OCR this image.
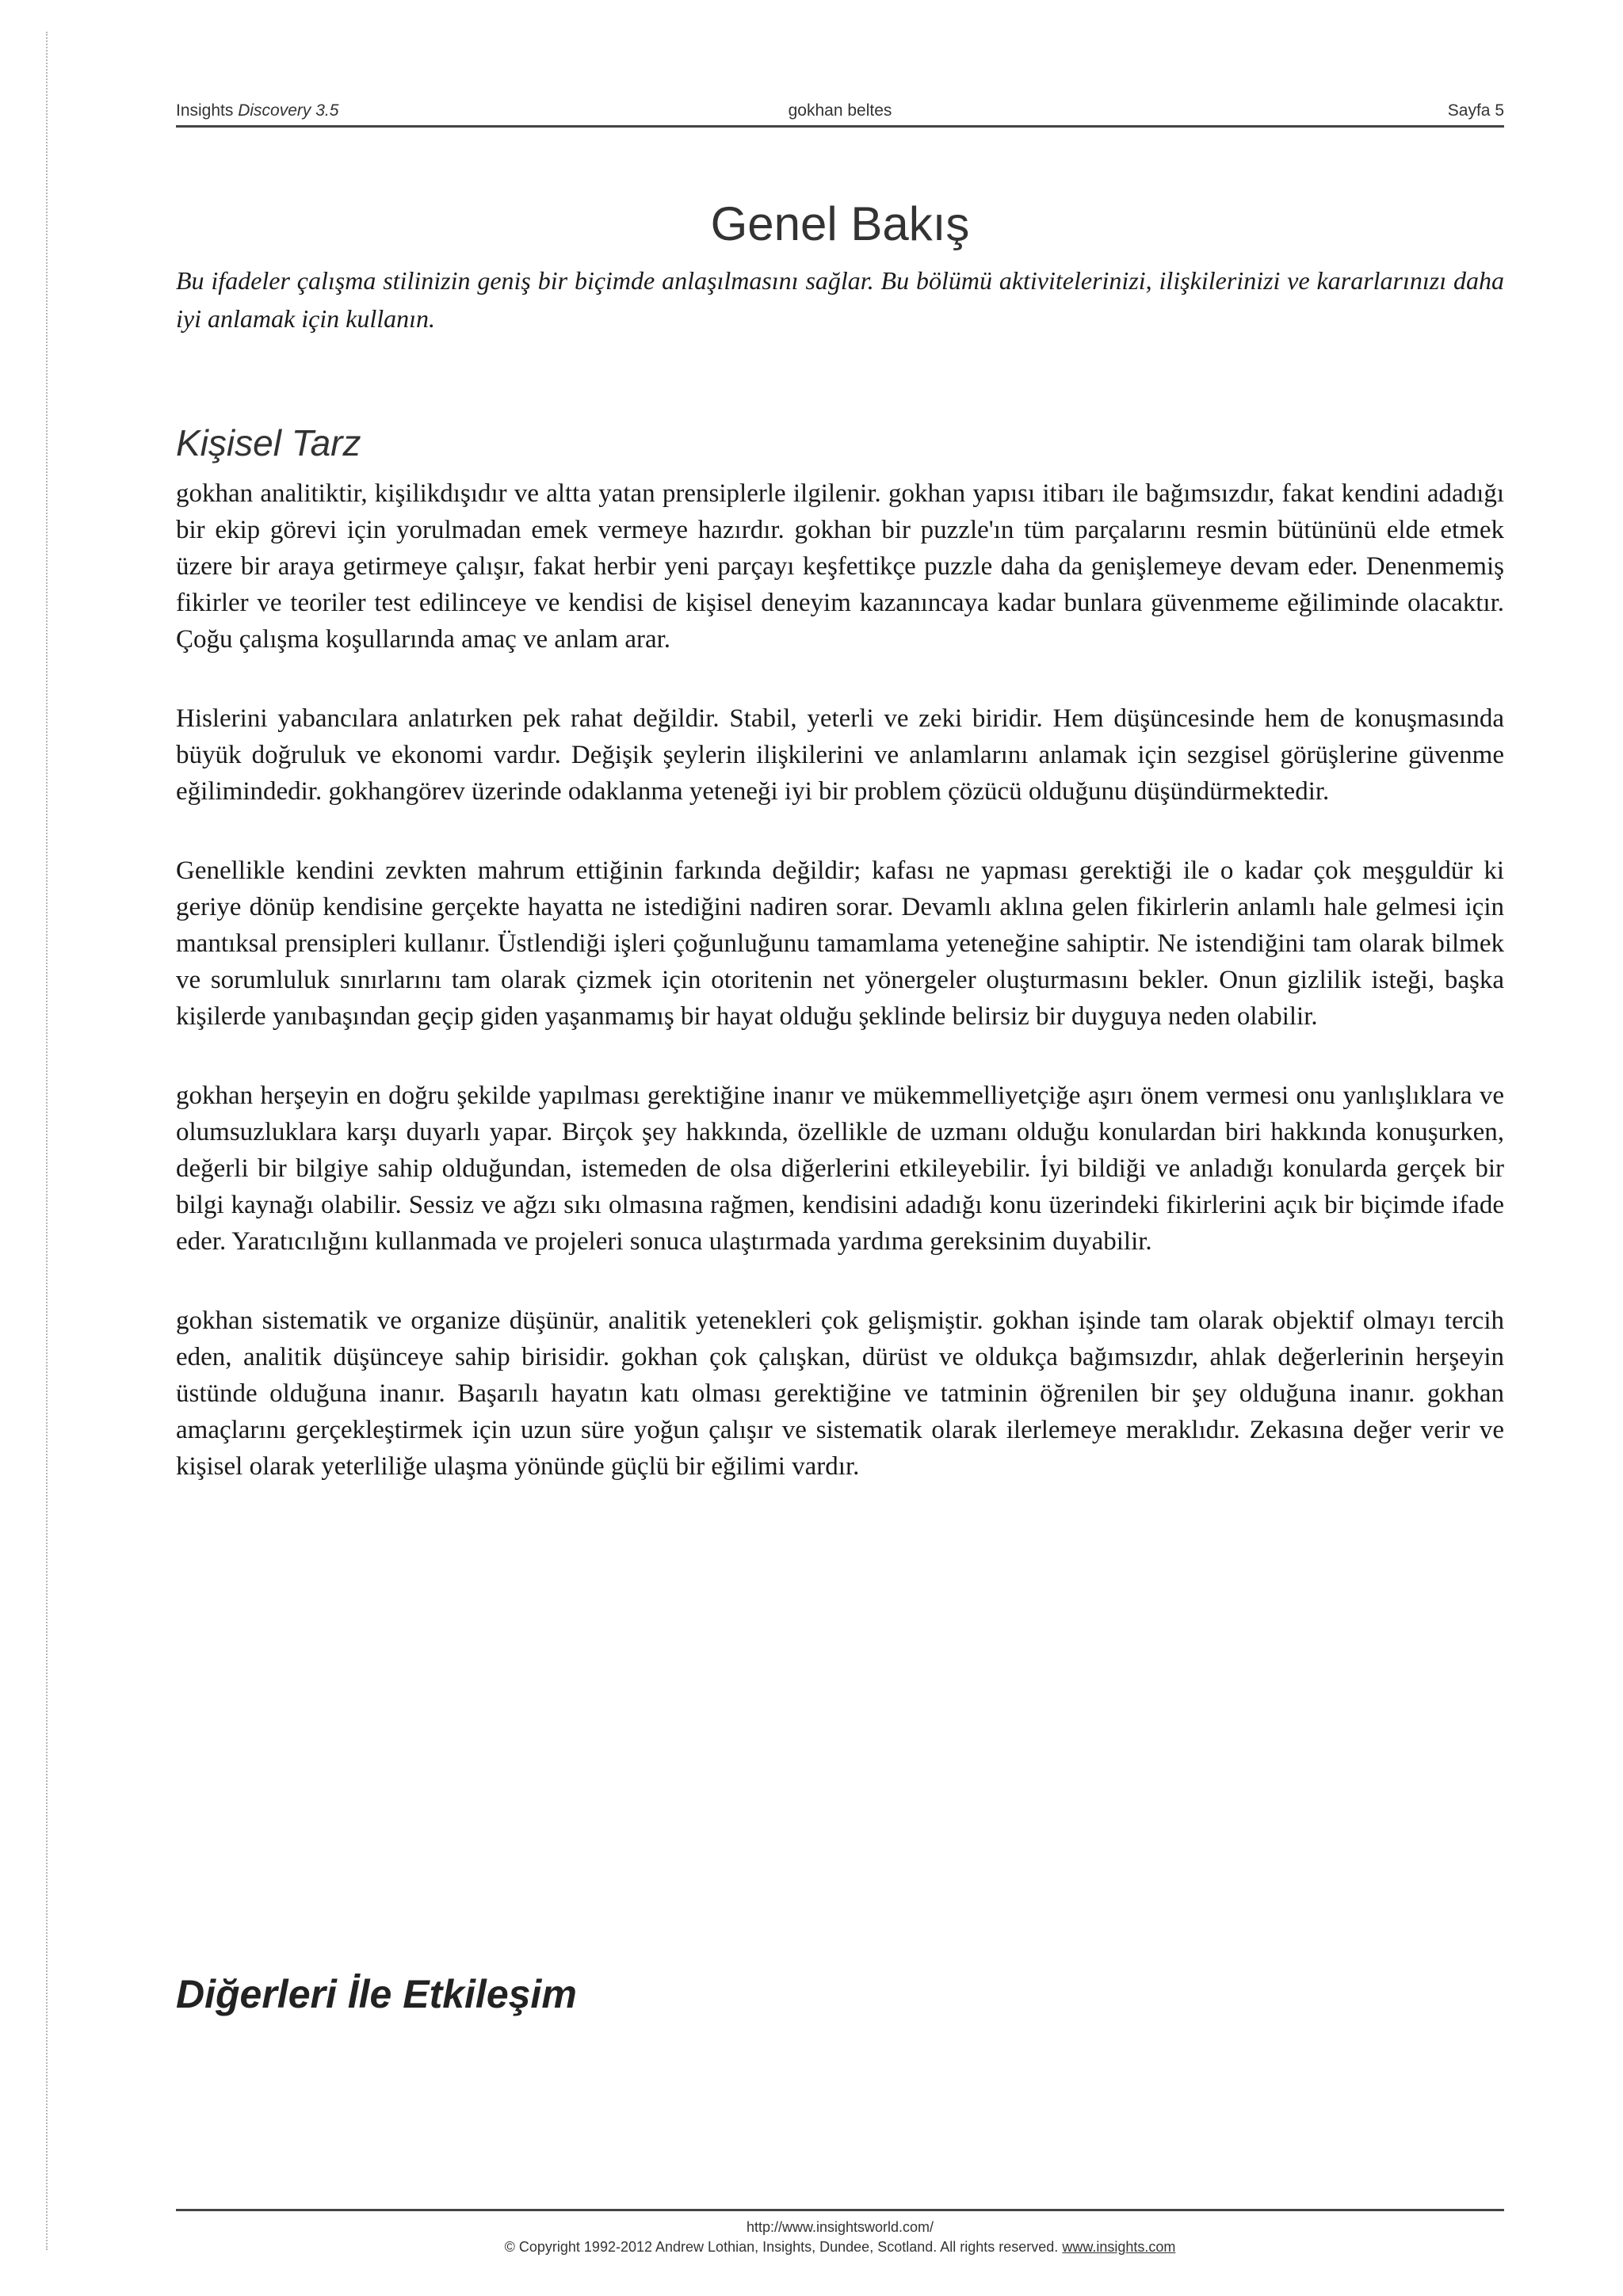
Insights Discovery 3.5	gokhan beltes	Sayfa 5
Genel Bakış

Bu ifadeler çalışma stilinizin geniş bir biçimde anlaşılmasını sağlar. Bu bölümü aktivitelerinizi, ilişkilerinizi ve kararlarınızı daha iyi anlamak için kullanın.

Kişisel Tarz

gokhan analitiktir, kişilikdışıdır ve altta yatan prensiplerle ilgilenir. gokhan yapısı itibarı ile bağımsızdır, fakat kendini adadığı bir ekip görevi için yorulmadan emek vermeye hazırdır. gokhan bir puzzle'ın tüm parçalarını resmin bütününü elde etmek üzere bir araya getirmeye çalışır, fakat herbir yeni parçayı keşfettikçe puzzle daha da genişlemeye devam eder. Denenmemiş fikirler ve teoriler test edilinceye ve kendisi de kişisel deneyim kazanıncaya kadar bunlara güvenmeme eğiliminde olacaktır. Çoğu çalışma koşullarında amaç ve anlam arar.

Hislerini yabancılara anlatırken pek rahat değildir. Stabil, yeterli ve zeki biridir. Hem düşüncesinde hem de konuşmasında büyük doğruluk ve ekonomi vardır. Değişik şeylerin ilişkilerini ve anlamlarını anlamak için sezgisel görüşlerine güvenme eğilimindedir. gokhangörev üzerinde odaklanma yeteneği iyi bir problem çözücü olduğunu düşündürmektedir.

Genellikle kendini zevkten mahrum ettiğinin farkında değildir; kafası ne yapması gerektiği ile o kadar çok meşguldür ki geriye dönüp kendisine gerçekte hayatta ne istediğini nadiren sorar. Devamlı aklına gelen fikirlerin anlamlı hale gelmesi için mantıksal prensipleri kullanır. Üstlendiği işleri çoğunluğunu tamamlama yeteneğine sahiptir. Ne istendiğini tam olarak bilmek ve sorumluluk sınırlarını tam olarak çizmek için otoritenin net yönergeler oluşturmasını bekler. Onun gizlilik isteği, başka kişilerde yanıbaşından geçip giden yaşanmamış bir hayat olduğu şeklinde belirsiz bir duyguya neden olabilir.

gokhan herşeyin en doğru şekilde yapılması gerektiğine inanır ve mükemmelliyetçiğe aşırı önem vermesi onu yanlışlıklara ve olumsuzluklara karşı duyarlı yapar. Birçok şey hakkında, özellikle de uzmanı olduğu konulardan biri hakkında konuşurken, değerli bir bilgiye sahip olduğundan, istemeden de olsa diğerlerini etkileyebilir. İyi bildiği ve anladığı konularda gerçek bir bilgi kaynağı olabilir. Sessiz ve ağzı sıkı olmasına rağmen, kendisini adadığı konu üzerindeki fikirlerini açık bir biçimde ifade eder. Yaratıcılığını kullanmada ve projeleri sonuca ulaştırmada yardıma gereksinim duyabilir.

gokhan sistematik ve organize düşünür, analitik yetenekleri çok gelişmiştir. gokhan işinde tam olarak objektif olmayı tercih eden, analitik düşünceye sahip birisidir. gokhan çok çalışkan, dürüst ve oldukça bağımsızdır, ahlak değerlerinin herşeyin üstünde olduğuna inanır. Başarılı hayatın katı olması gerektiğine ve tatminin öğrenilen bir şey olduğuna inanır. gokhan amaçlarını gerçekleştirmek için uzun süre yoğun çalışır ve sistematik olarak ilerlemeye meraklıdır. Zekasına değer verir ve kişisel olarak yeterliliğe ulaşma yönünde güçlü bir eğilimi vardır.

Diğerleri İle Etkileşim
http://www.insightsworld.com/
© Copyright 1992-2012 Andrew Lothian, Insights, Dundee, Scotland. All rights reserved. www.insights.com
